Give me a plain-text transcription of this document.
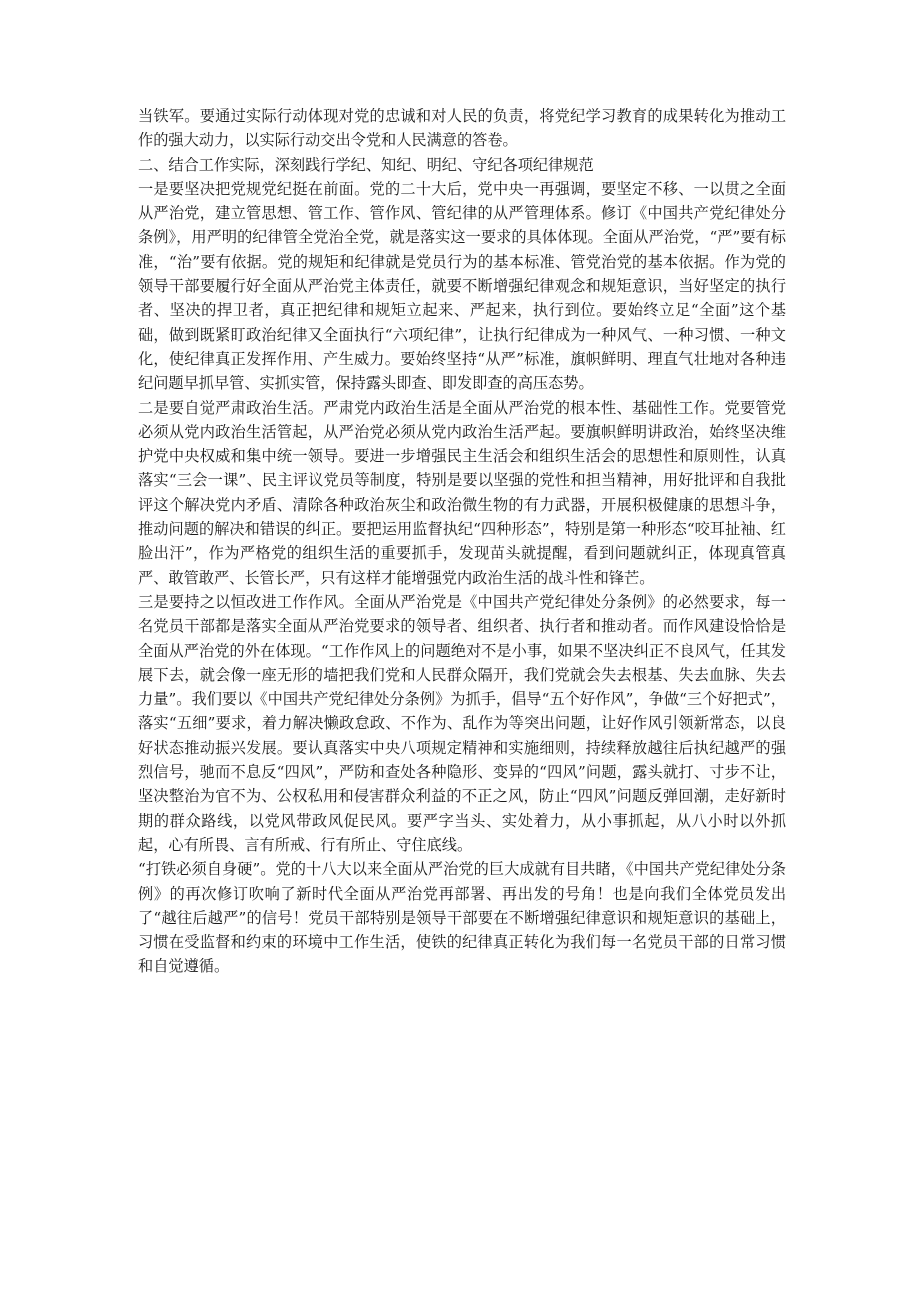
当铁军。要通过实际行动体现对党的忠诚和对人民的负责，将党纪学习教育的成果转化为推动工作的强大动力，以实际行动交出令党和人民满意的答卷。

二、结合工作实际，深刻践行学纪、知纪、明纪、守纪各项纪律规范

一是要坚决把党规党纪挺在前面。党的二十大后，党中央一再强调，要坚定不移、一以贯之全面从严治党，建立管思想、管工作、管作风、管纪律的从严管理体系。修订《中国共产党纪律处分条例》，用严明的纪律管全党治全党，就是落实这一要求的具体体现。全面从严治党，“严”要有标准，“治”要有依据。党的规矩和纪律就是党员行为的基本标准、管党治党的基本依据。作为党的领导干部要履行好全面从严治党主体责任，就要不断增强纪律观念和规矩意识，当好坚定的执行者、坚决的捍卫者，真正把纪律和规矩立起来、严起来，执行到位。要始终立足“全面”这个基础，做到既紧盯政治纪律又全面执行“六项纪律”，让执行纪律成为一种风气、一种习惯、一种文化，使纪律真正发挥作用、产生威力。要始终坚持“从严”标准，旗帜鲜明、理直气壮地对各种违纪问题早抓早管、实抓实管，保持露头即查、即发即查的高压态势。

二是要自觉严肃政治生活。严肃党内政治生活是全面从严治党的根本性、基础性工作。党要管党必须从党内政治生活管起，从严治党必须从党内政治生活严起。要旗帜鲜明讲政治，始终坚决维护党中央权威和集中统一领导。要进一步增强民主生活会和组织生活会的思想性和原则性，认真落实“三会一课”、民主评议党员等制度，特别是要以坚强的党性和担当精神，用好批评和自我批评这个解决党内矛盾、清除各种政治灰尘和政治微生物的有力武器，开展积极健康的思想斗争，推动问题的解决和错误的纠正。要把运用监督执纪“四种形态”，特别是第一种形态“咬耳扯袖、红脸出汗”，作为严格党的组织生活的重要抓手，发现苗头就提醒，看到问题就纠正，体现真管真严、敢管敢严、长管长严，只有这样才能增强党内政治生活的战斗性和锋芒。

三是要持之以恒改进工作作风。全面从严治党是《中国共产党纪律处分条例》的必然要求，每一名党员干部都是落实全面从严治党要求的领导者、组织者、执行者和推动者。而作风建设恰恰是全面从严治党的外在体现。“工作作风上的问题绝对不是小事，如果不坚决纠正不良风气，任其发展下去，就会像一座无形的墙把我们党和人民群众隔开，我们党就会失去根基、失去血脉、失去力量”。我们要以《中国共产党纪律处分条例》为抓手，倡导“五个好作风”，争做“三个好把式”，落实“五细”要求，着力解决懒政怠政、不作为、乱作为等突出问题，让好作风引领新常态，以良好状态推动振兴发展。要认真落实中央八项规定精神和实施细则，持续释放越往后执纪越严的强烈信号，驰而不息反“四风”，严防和查处各种隐形、变异的“四风”问题，露头就打、寸步不让，坚决整治为官不为、公权私用和侵害群众利益的不正之风，防止“四风”问题反弹回潮，走好新时期的群众路线，以党风带政风促民风。要严字当头、实处着力，从小事抓起，从八小时以外抓起，心有所畏、言有所戒、行有所止、守住底线。

“打铁必须自身硬”。党的十八大以来全面从严治党的巨大成就有目共睹，《中国共产党纪律处分条例》的再次修订吹响了新时代全面从严治党再部署、再出发的号角！也是向我们全体党员发出了“越往后越严”的信号！党员干部特别是领导干部要在不断增强纪律意识和规矩意识的基础上，习惯在受监督和约束的环境中工作生活，使铁的纪律真正转化为我们每一名党员干部的日常习惯和自觉遵循。
